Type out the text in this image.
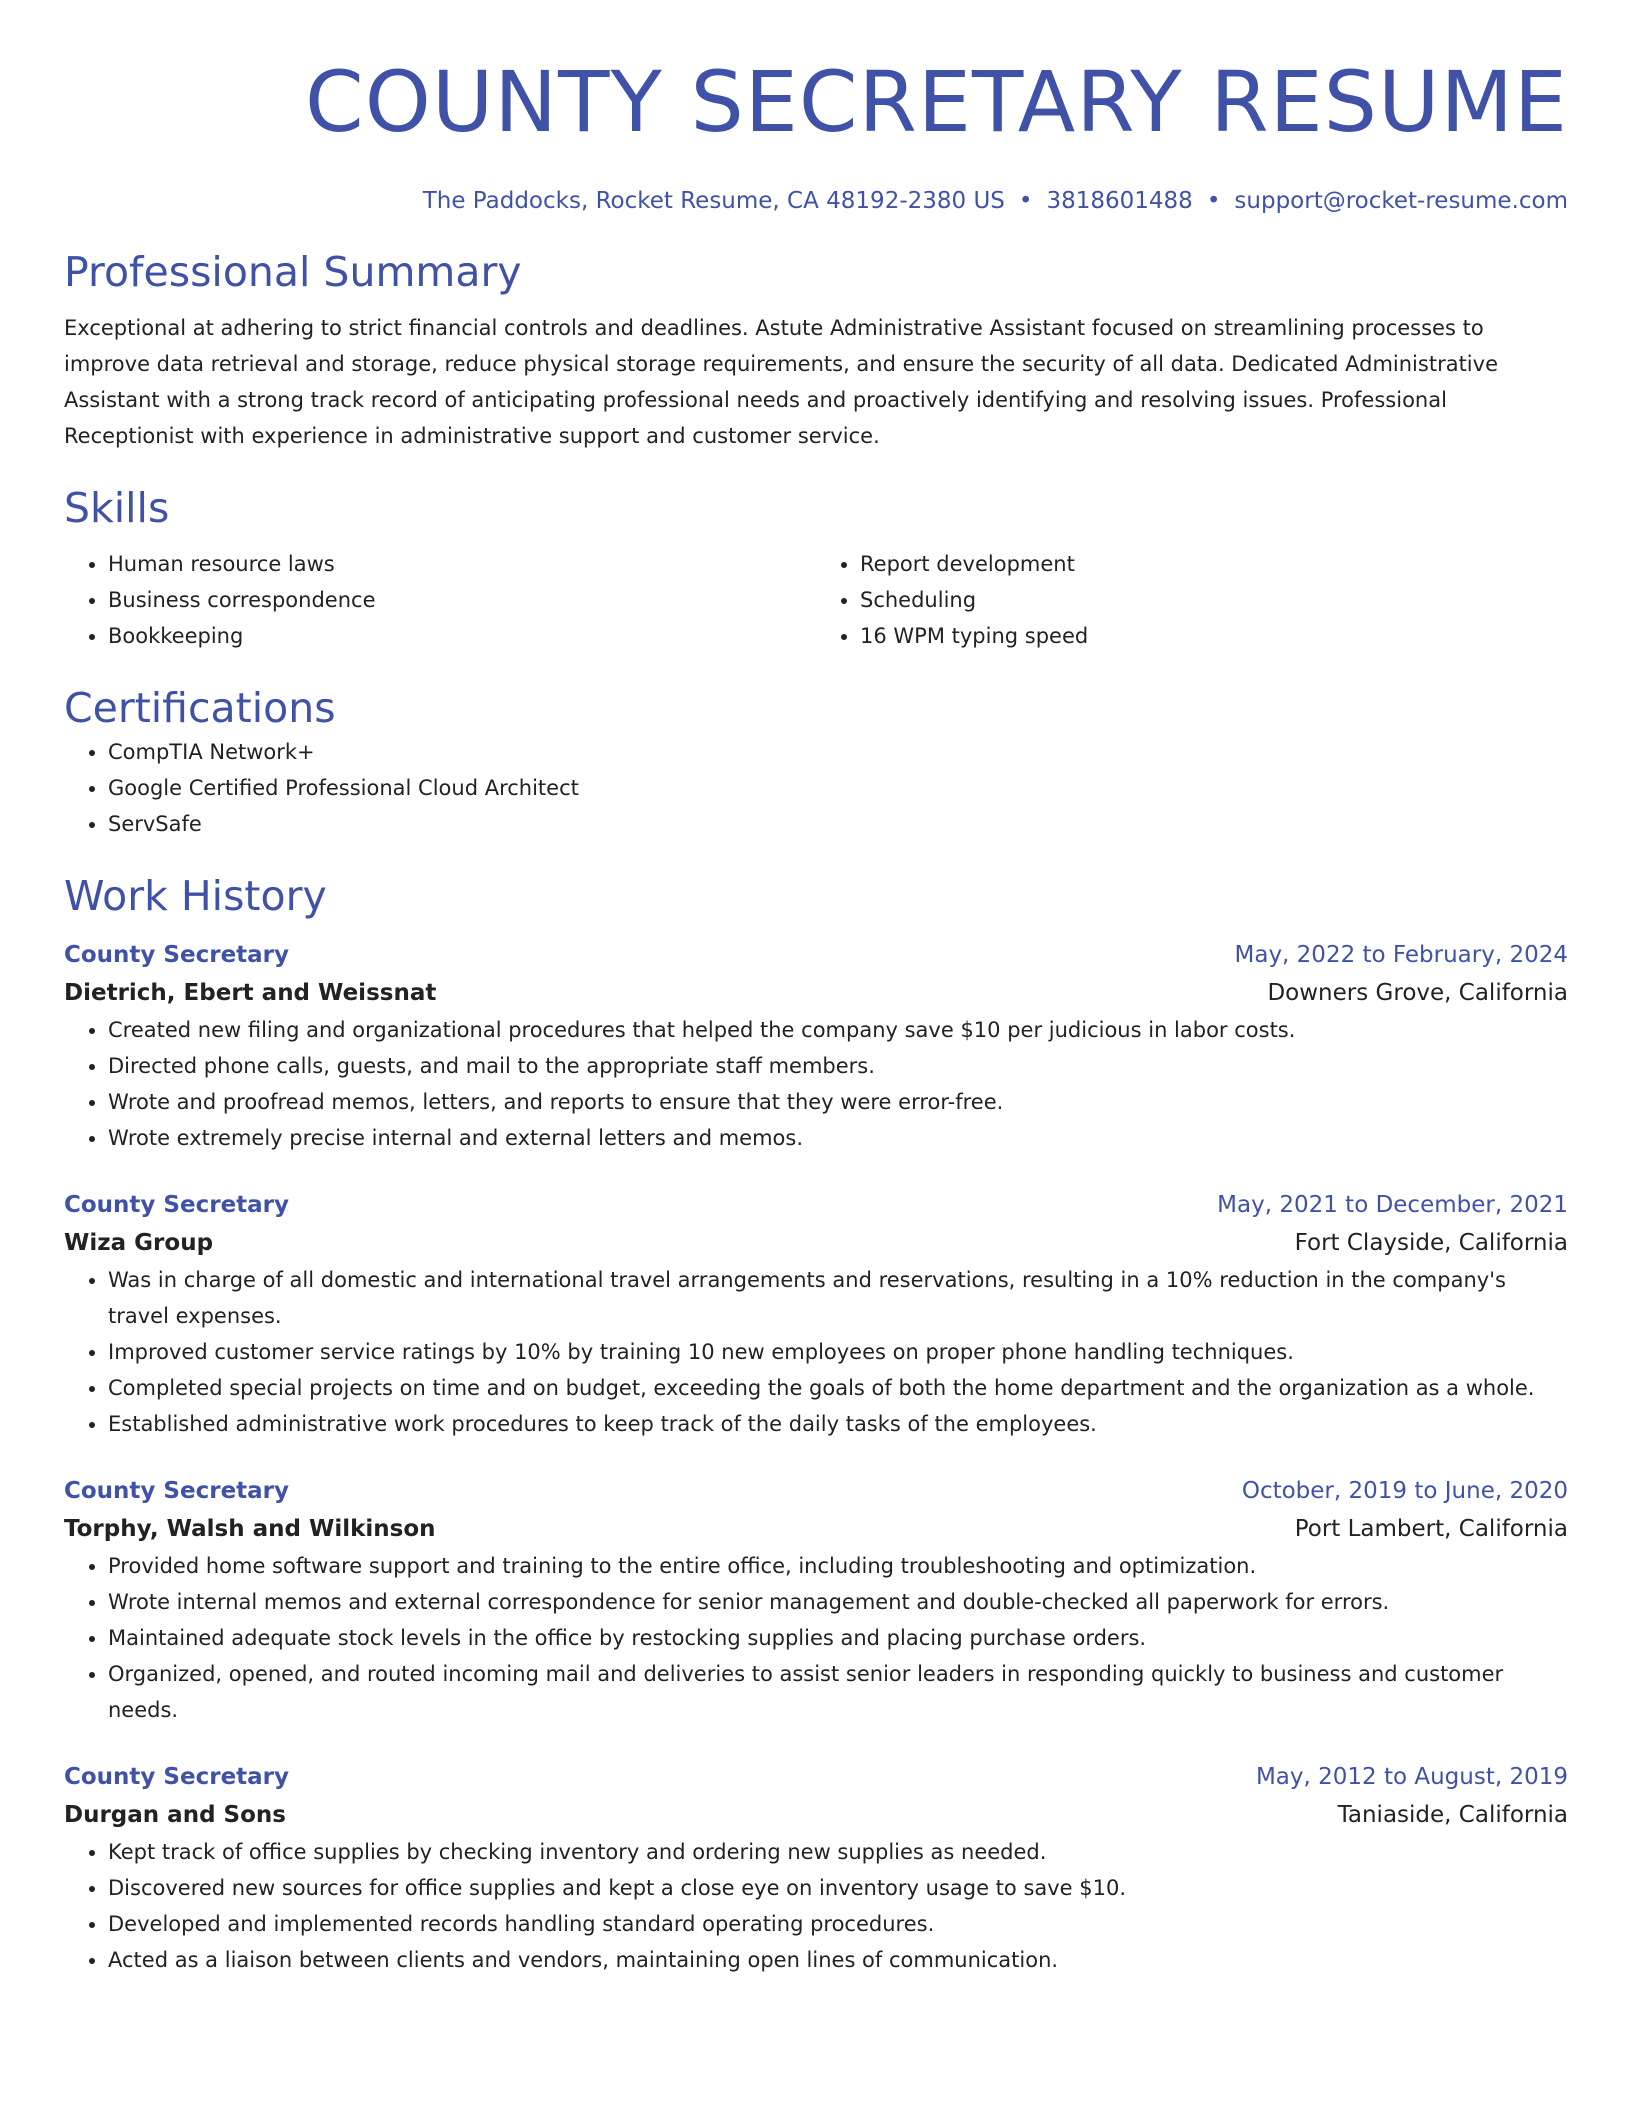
COUNTY SECRETARY RESUME
The Paddocks, Rocket Resume, CA 48192-2380 US • 3818601488 • support@rocket-resume.com
Professional Summary
Exceptional at adhering to strict financial controls and deadlines. Astute Administrative Assistant focused on streamlining processes to improve data retrieval and storage, reduce physical storage requirements, and ensure the security of all data. Dedicated Administrative Assistant with a strong track record of anticipating professional needs and proactively identifying and resolving issues. Professional Receptionist with experience in administrative support and customer service.
Skills
• Human resource laws
• Business correspondence
• Bookkeeping
• Report development
• Scheduling
• 16 WPM typing speed
Certifications
• CompTIA Network+
• Google Certified Professional Cloud Architect
• ServSafe
Work History
County Secretary	May, 2022 to February, 2024
Dietrich, Ebert and Weissnat	Downers Grove, California
• Created new filing and organizational procedures that helped the company save $10 per judicious in labor costs.
• Directed phone calls, guests, and mail to the appropriate staff members.
• Wrote and proofread memos, letters, and reports to ensure that they were error-free.
• Wrote extremely precise internal and external letters and memos.
County Secretary	May, 2021 to December, 2021
Wiza Group	Fort Clayside, California
• Was in charge of all domestic and international travel arrangements and reservations, resulting in a 10% reduction in the company's travel expenses.
• Improved customer service ratings by 10% by training 10 new employees on proper phone handling techniques.
• Completed special projects on time and on budget, exceeding the goals of both the home department and the organization as a whole.
• Established administrative work procedures to keep track of the daily tasks of the employees.
County Secretary	October, 2019 to June, 2020
Torphy, Walsh and Wilkinson	Port Lambert, California
• Provided home software support and training to the entire office, including troubleshooting and optimization.
• Wrote internal memos and external correspondence for senior management and double-checked all paperwork for errors.
• Maintained adequate stock levels in the office by restocking supplies and placing purchase orders.
• Organized, opened, and routed incoming mail and deliveries to assist senior leaders in responding quickly to business and customer needs.
County Secretary	May, 2012 to August, 2019
Durgan and Sons	Taniaside, California
• Kept track of office supplies by checking inventory and ordering new supplies as needed.
• Discovered new sources for office supplies and kept a close eye on inventory usage to save $10.
• Developed and implemented records handling standard operating procedures.
• Acted as a liaison between clients and vendors, maintaining open lines of communication.
